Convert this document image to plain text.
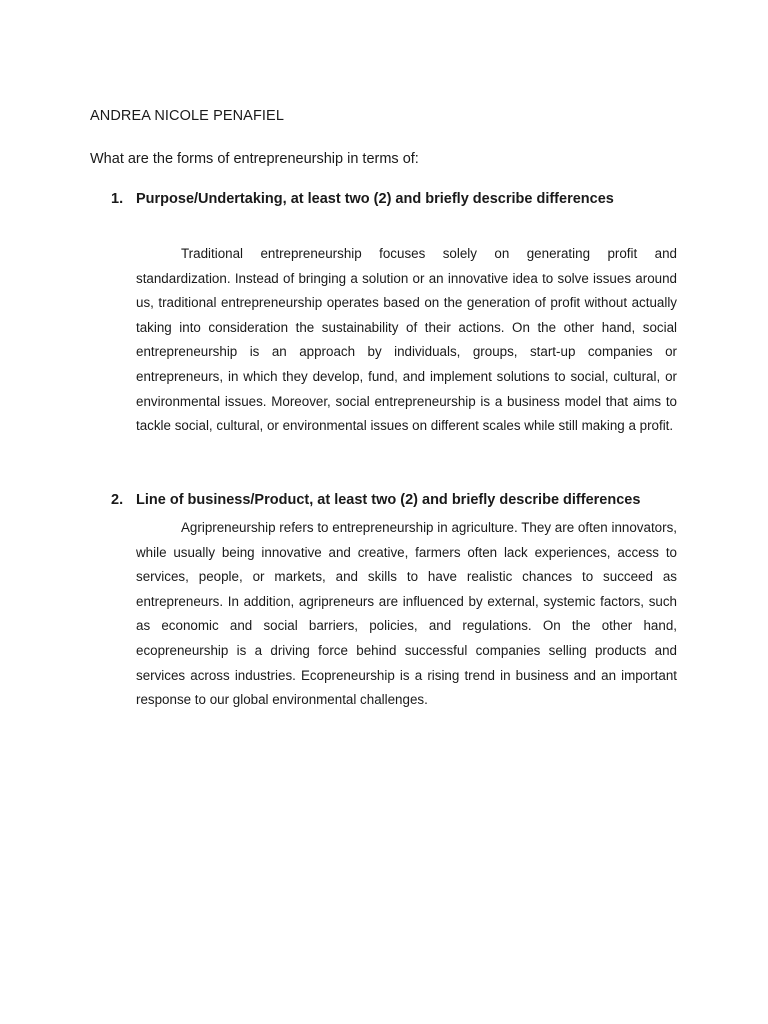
ANDREA NICOLE PENAFIEL
What are the forms of entrepreneurship in terms of:
1. Purpose/Undertaking, at least two (2) and briefly describe differences

Traditional entrepreneurship focuses solely on generating profit and standardization. Instead of bringing a solution or an innovative idea to solve issues around us, traditional entrepreneurship operates based on the generation of profit without actually taking into consideration the sustainability of their actions. On the other hand, social entrepreneurship is an approach by individuals, groups, start-up companies or entrepreneurs, in which they develop, fund, and implement solutions to social, cultural, or environmental issues. Moreover, social entrepreneurship is a business model that aims to tackle social, cultural, or environmental issues on different scales while still making a profit.

2. Line of business/Product, at least two (2) and briefly describe differences

Agripreneurship refers to entrepreneurship in agriculture. They are often innovators, while usually being innovative and creative, farmers often lack experiences, access to services, people, or markets, and skills to have realistic chances to succeed as entrepreneurs. In addition, agripreneurs are influenced by external, systemic factors, such as economic and social barriers, policies, and regulations. On the other hand, ecopreneurship is a driving force behind successful companies selling products and services across industries. Ecopreneurship is a rising trend in business and an important response to our global environmental challenges.
